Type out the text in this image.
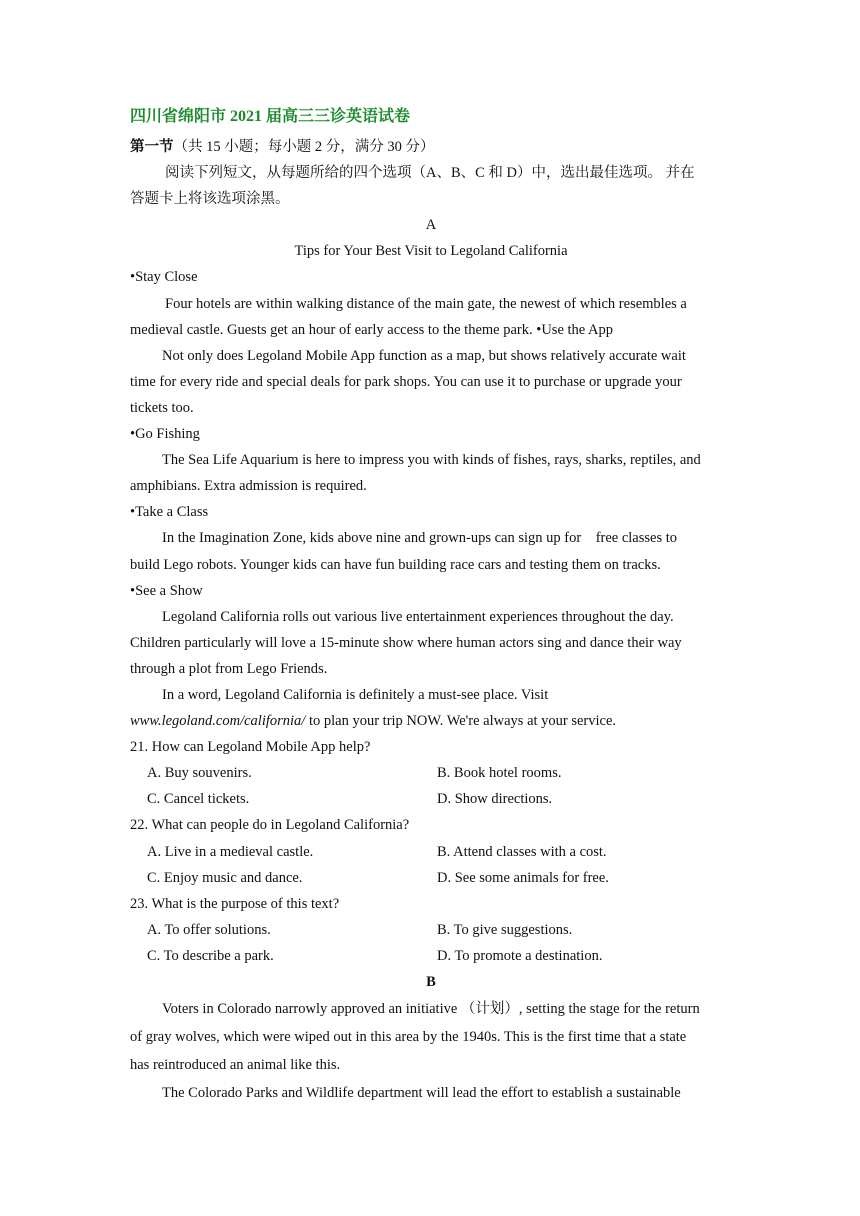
四川省绵阳市 2021 届高三三诊英语试卷
第一节（共 15 小题；每小题 2 分，满分 30 分）
阅读下列短文，从每题所给的四个选项（A、B、C 和 D）中，选出最佳选项。 并在
答题卡上将该选项涂黑。
A
Tips for Your Best Visit to Legoland California
•Stay Close
Four hotels are within walking distance of the main gate, the newest of which resembles a
medieval castle. Guests get an hour of early access to the theme park. •Use the App
Not only does Legoland Mobile App function as a map, but shows relatively accurate wait
time for every ride and special deals for park shops. You can use it to purchase or upgrade your
tickets too.
•Go Fishing
The Sea Life Aquarium is here to impress you with kinds of fishes, rays, sharks, reptiles, and
amphibians. Extra admission is required.
•Take a Class
In the Imagination Zone, kids above nine and grown-ups can sign up for    free classes to
build Lego robots. Younger kids can have fun building race cars and testing them on tracks.
•See a Show
Legoland California rolls out various live entertainment experiences throughout the day.
Children particularly will love a 15-minute show where human actors sing and dance their way
through a plot from Lego Friends.
In a word, Legoland California is definitely a must-see place. Visit
www.legoland.com/california/ to plan your trip NOW. We're always at your service.
21. How can Legoland Mobile App help?
A. Buy souvenirs.	B. Book hotel rooms.
C. Cancel tickets.	D. Show directions.
22. What can people do in Legoland California?
A. Live in a medieval castle.	B. Attend classes with a cost.
C. Enjoy music and dance.	D. See some animals for free.
23. What is the purpose of this text?
A. To offer solutions.	B. To give suggestions.
C. To describe a park.	D. To promote a destination.
B
Voters in Colorado narrowly approved an initiative （计划）, setting the stage for the return
of gray wolves, which were wiped out in this area by the 1940s. This is the first time that a state
has reintroduced an animal like this.
The Colorado Parks and Wildlife department will lead the effort to establish a sustainable
